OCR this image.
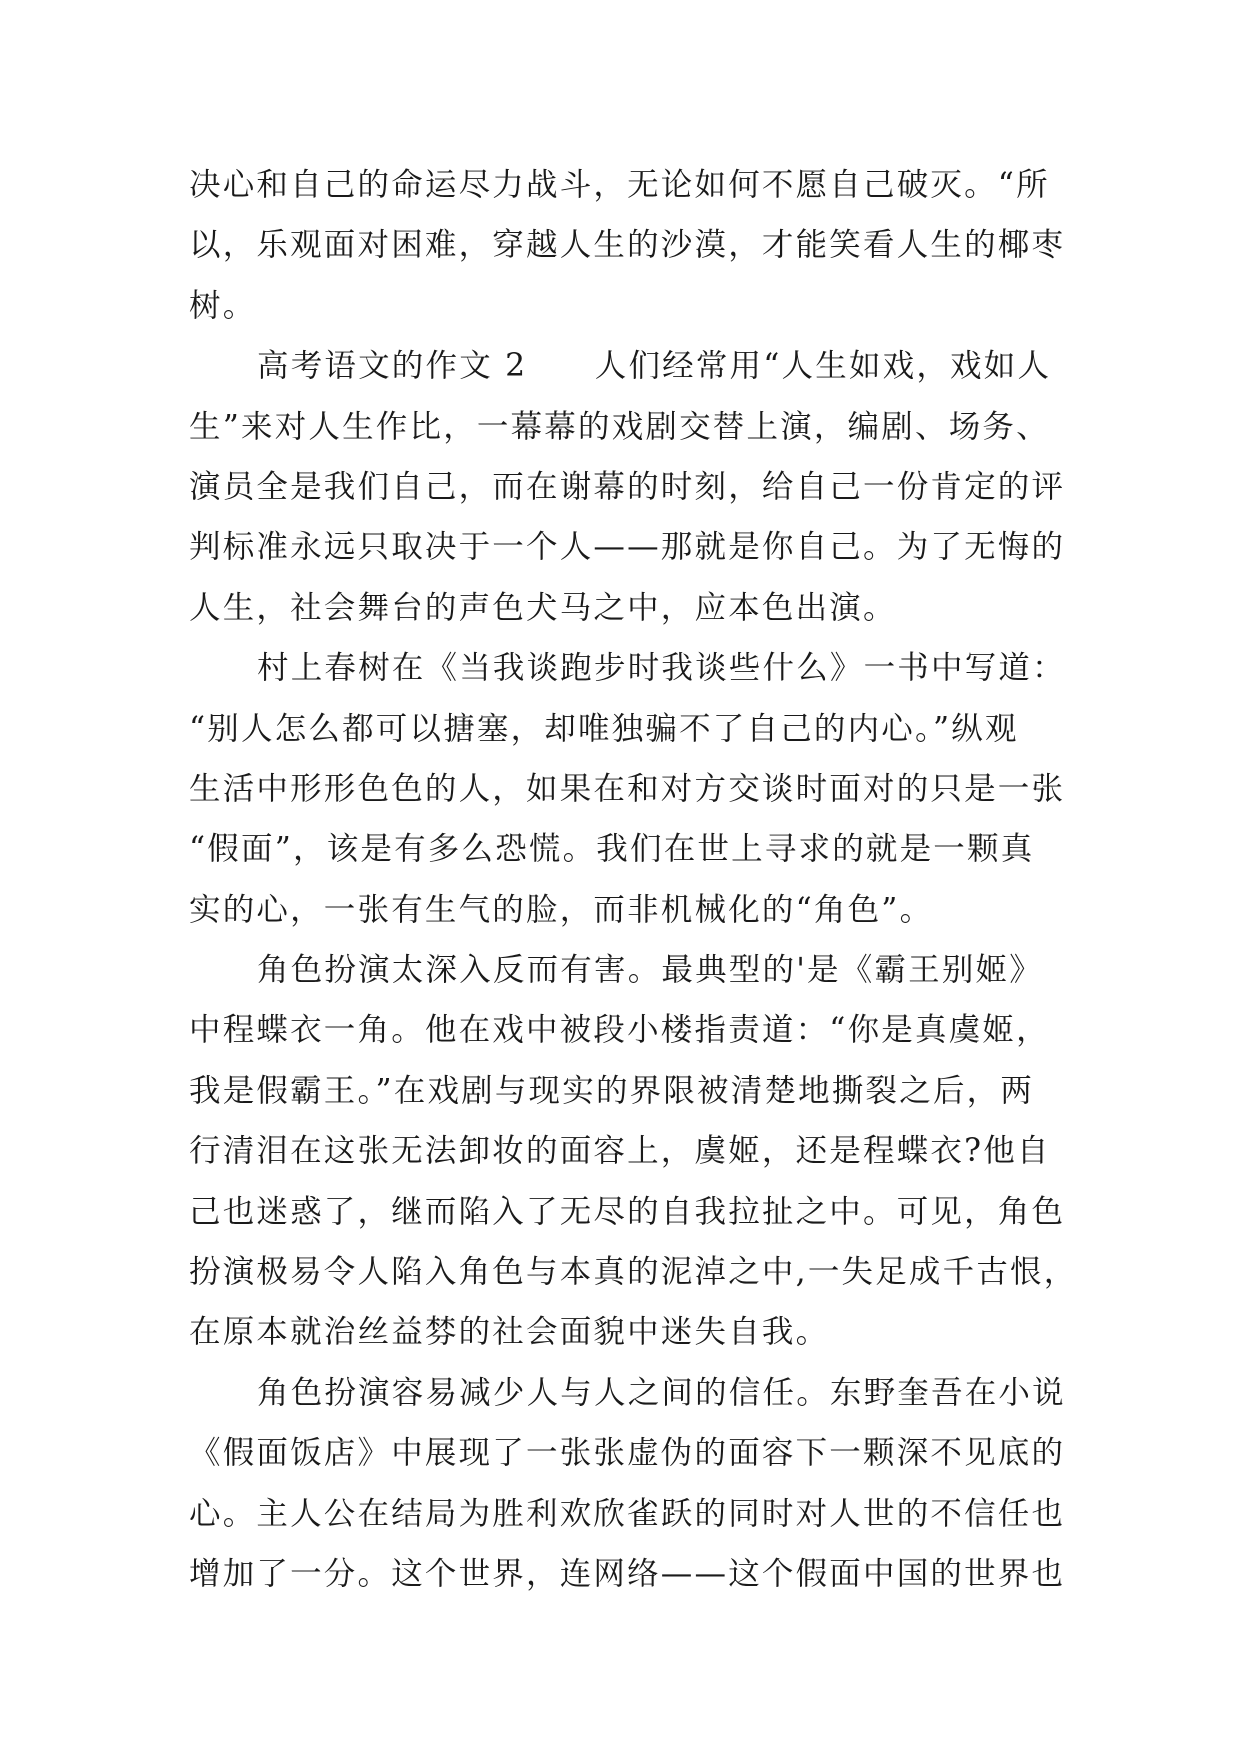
决心和自己的命运尽力战斗，无论如何不愿自己破灭。“所
以，乐观面对困难，穿越人生的沙漠，才能笑看人生的椰枣
树。
高考语文的作文 2　　人们经常用“人生如戏，戏如人
生”来对人生作比，一幕幕的戏剧交替上演，编剧、场务、
演员全是我们自己，而在谢幕的时刻，给自己一份肯定的评
判标准永远只取决于一个人——那就是你自己。为了无悔的
人生，社会舞台的声色犬马之中，应本色出演。
村上春树在《当我谈跑步时我谈些什么》一书中写道：
“别人怎么都可以搪塞，却唯独骗不了自己的内心。”纵观
生活中形形色色的人，如果在和对方交谈时面对的只是一张
“假面”，该是有多么恐慌。我们在世上寻求的就是一颗真
实的心，一张有生气的脸，而非机械化的“角色”。
角色扮演太深入反而有害。最典型的'是《霸王别姬》
中程蝶衣一角。他在戏中被段小楼指责道：“你是真虞姬，
我是假霸王。”在戏剧与现实的界限被清楚地撕裂之后，两
行清泪在这张无法卸妆的面容上，虞姬，还是程蝶衣?他自
己也迷惑了，继而陷入了无尽的自我拉扯之中。可见，角色
扮演极易令人陷入角色与本真的泥淖之中,一失足成千古恨，
在原本就治丝益棼的社会面貌中迷失自我。
角色扮演容易减少人与人之间的信任。东野奎吾在小说
《假面饭店》中展现了一张张虚伪的面容下一颗深不见底的
心。主人公在结局为胜利欢欣雀跃的同时对人世的不信任也
增加了一分。这个世界，连网络——这个假面中国的世界也
